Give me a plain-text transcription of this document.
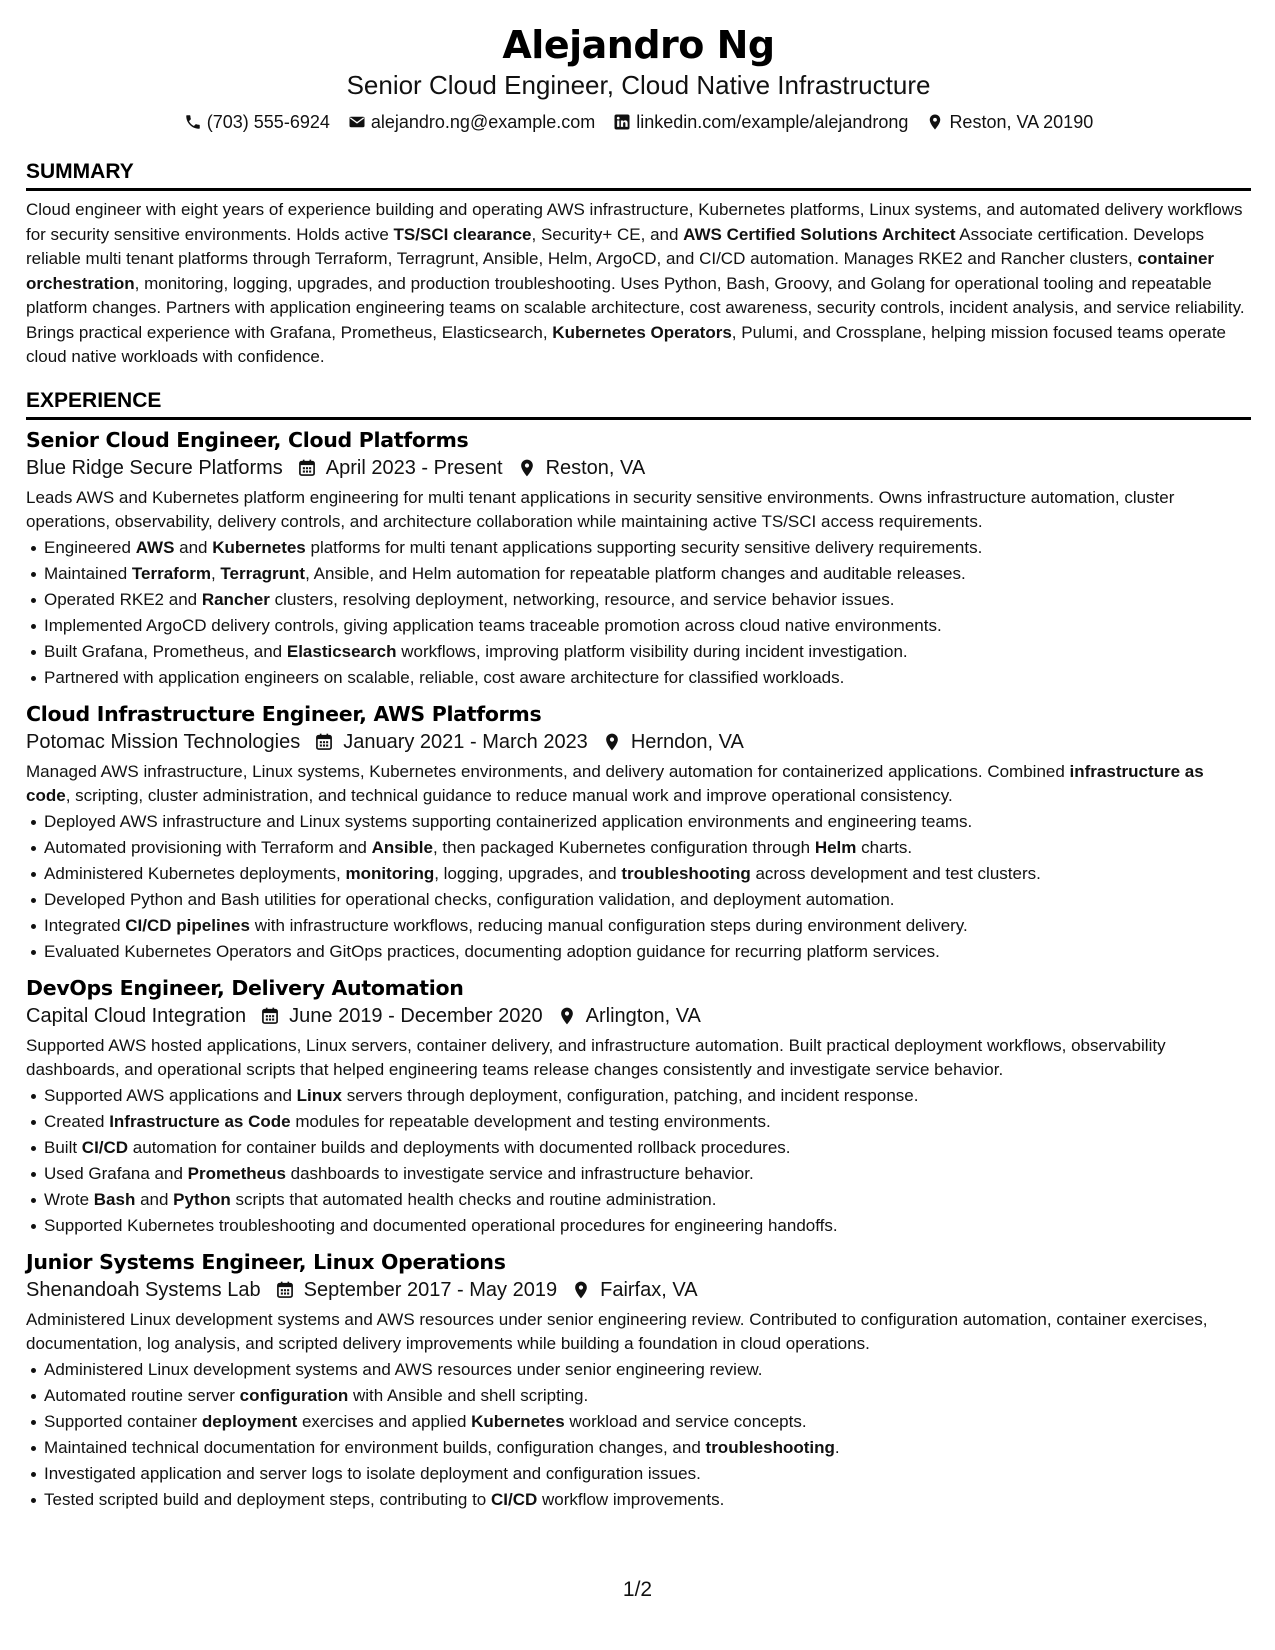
Alejandro Ng
Senior Cloud Engineer, Cloud Native Infrastructure
(703) 555-6924 alejandro.ng@example.com linkedin.com/example/alejandrong Reston, VA 20190
SUMMARY
Cloud engineer with eight years of experience building and operating AWS infrastructure, Kubernetes platforms, Linux systems, and automated delivery workflows for security sensitive environments. Holds active TS/SCI clearance, Security+ CE, and AWS Certified Solutions Architect Associate certification. Develops reliable multi tenant platforms through Terraform, Terragrunt, Ansible, Helm, ArgoCD, and CI/CD automation. Manages RKE2 and Rancher clusters, container orchestration, monitoring, logging, upgrades, and production troubleshooting. Uses Python, Bash, Groovy, and Golang for operational tooling and repeatable platform changes. Partners with application engineering teams on scalable architecture, cost awareness, security controls, incident analysis, and service reliability. Brings practical experience with Grafana, Prometheus, Elasticsearch, Kubernetes Operators, Pulumi, and Crossplane, helping mission focused teams operate cloud native workloads with confidence.
EXPERIENCE
Senior Cloud Engineer, Cloud Platforms
Blue Ridge Secure Platforms April 2023 - Present Reston, VA
Leads AWS and Kubernetes platform engineering for multi tenant applications in security sensitive environments. Owns infrastructure automation, cluster operations, observability, delivery controls, and architecture collaboration while maintaining active TS/SCI access requirements.
Engineered AWS and Kubernetes platforms for multi tenant applications supporting security sensitive delivery requirements.
Maintained Terraform, Terragrunt, Ansible, and Helm automation for repeatable platform changes and auditable releases.
Operated RKE2 and Rancher clusters, resolving deployment, networking, resource, and service behavior issues.
Implemented ArgoCD delivery controls, giving application teams traceable promotion across cloud native environments.
Built Grafana, Prometheus, and Elasticsearch workflows, improving platform visibility during incident investigation.
Partnered with application engineers on scalable, reliable, cost aware architecture for classified workloads.
Cloud Infrastructure Engineer, AWS Platforms
Potomac Mission Technologies January 2021 - March 2023 Herndon, VA
Managed AWS infrastructure, Linux systems, Kubernetes environments, and delivery automation for containerized applications. Combined infrastructure as code, scripting, cluster administration, and technical guidance to reduce manual work and improve operational consistency.
Deployed AWS infrastructure and Linux systems supporting containerized application environments and engineering teams.
Automated provisioning with Terraform and Ansible, then packaged Kubernetes configuration through Helm charts.
Administered Kubernetes deployments, monitoring, logging, upgrades, and troubleshooting across development and test clusters.
Developed Python and Bash utilities for operational checks, configuration validation, and deployment automation.
Integrated CI/CD pipelines with infrastructure workflows, reducing manual configuration steps during environment delivery.
Evaluated Kubernetes Operators and GitOps practices, documenting adoption guidance for recurring platform services.
DevOps Engineer, Delivery Automation
Capital Cloud Integration June 2019 - December 2020 Arlington, VA
Supported AWS hosted applications, Linux servers, container delivery, and infrastructure automation. Built practical deployment workflows, observability dashboards, and operational scripts that helped engineering teams release changes consistently and investigate service behavior.
Supported AWS applications and Linux servers through deployment, configuration, patching, and incident response.
Created Infrastructure as Code modules for repeatable development and testing environments.
Built CI/CD automation for container builds and deployments with documented rollback procedures.
Used Grafana and Prometheus dashboards to investigate service and infrastructure behavior.
Wrote Bash and Python scripts that automated health checks and routine administration.
Supported Kubernetes troubleshooting and documented operational procedures for engineering handoffs.
Junior Systems Engineer, Linux Operations
Shenandoah Systems Lab September 2017 - May 2019 Fairfax, VA
Administered Linux development systems and AWS resources under senior engineering review. Contributed to configuration automation, container exercises, documentation, log analysis, and scripted delivery improvements while building a foundation in cloud operations.
Administered Linux development systems and AWS resources under senior engineering review.
Automated routine server configuration with Ansible and shell scripting.
Supported container deployment exercises and applied Kubernetes workload and service concepts.
Maintained technical documentation for environment builds, configuration changes, and troubleshooting.
Investigated application and server logs to isolate deployment and configuration issues.
Tested scripted build and deployment steps, contributing to CI/CD workflow improvements.
1/2
